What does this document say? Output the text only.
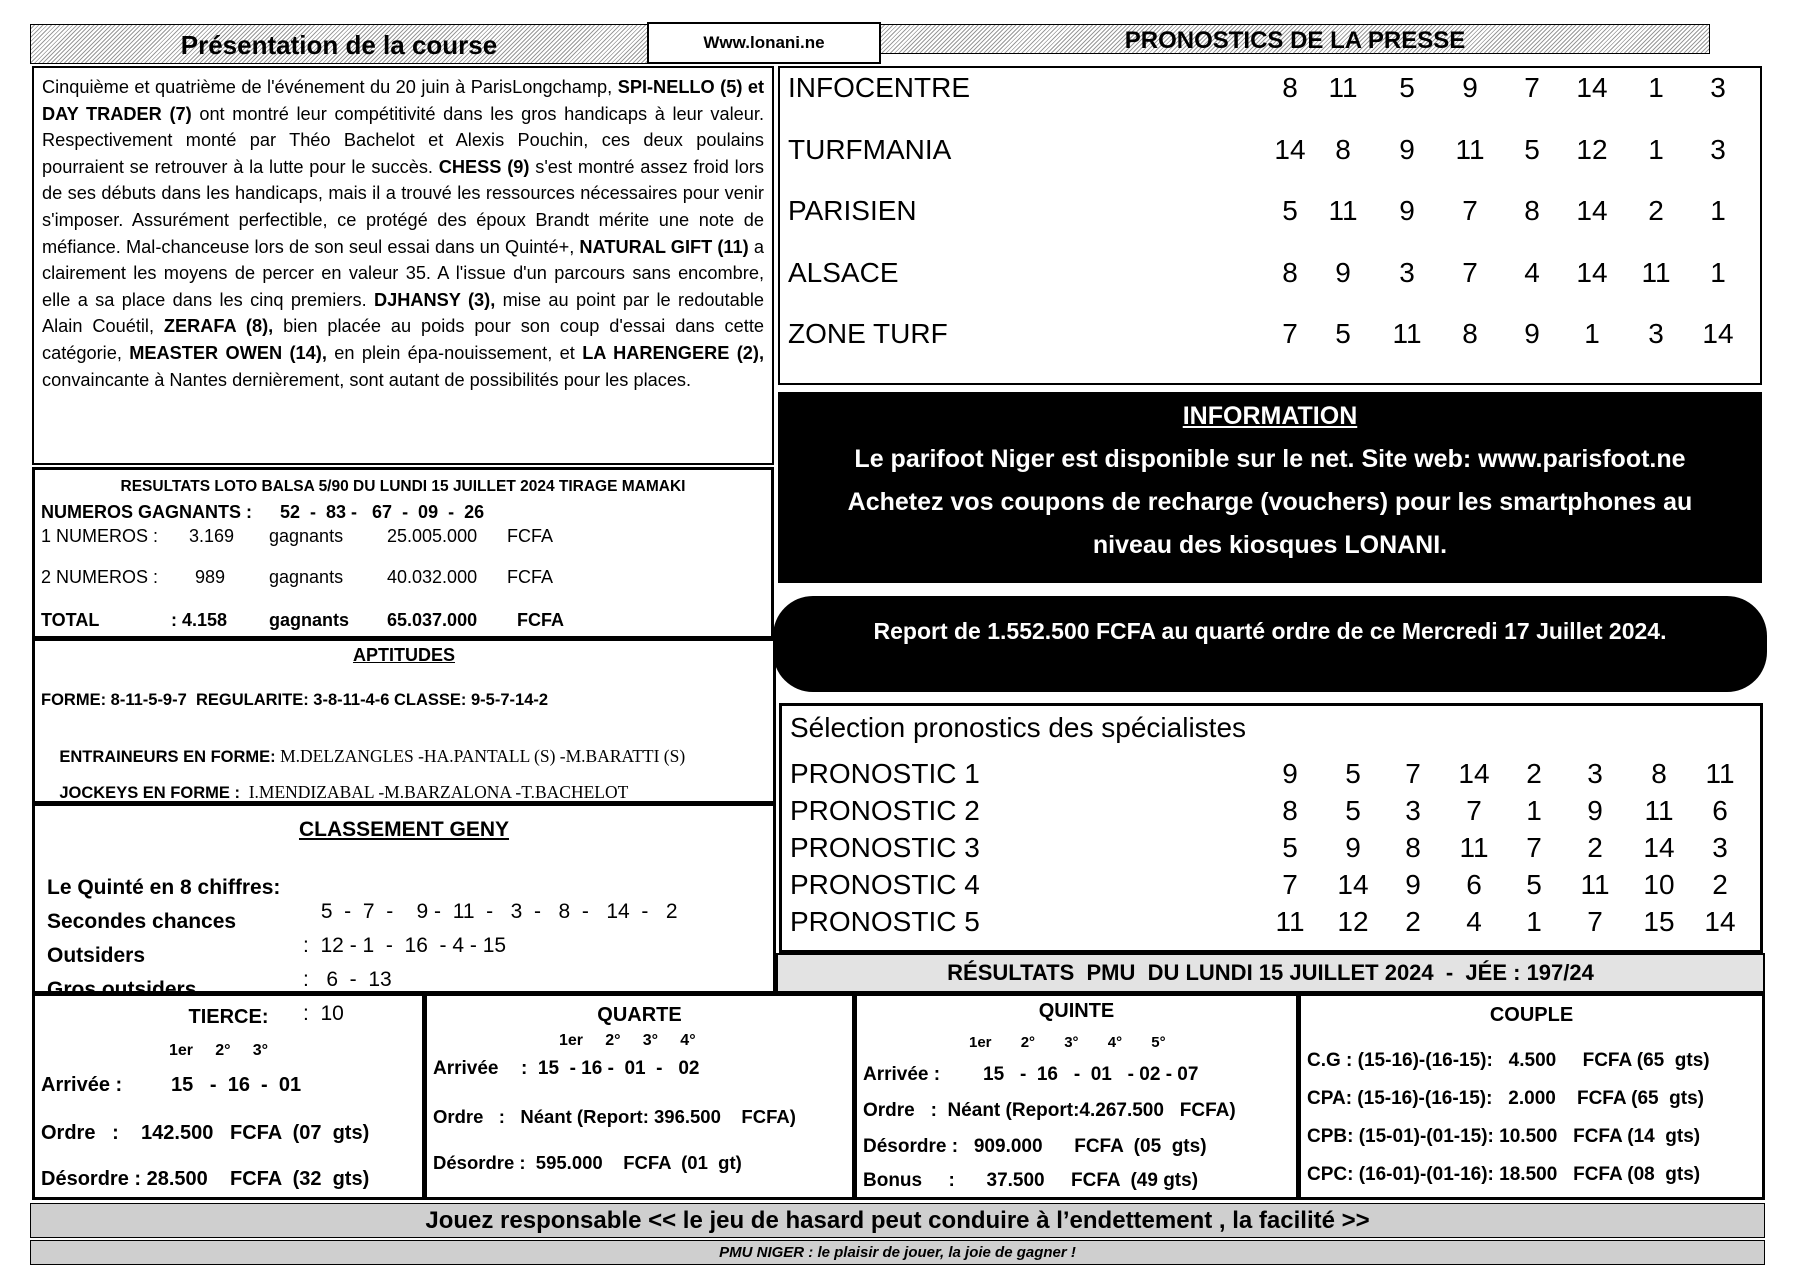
Présentation de la course	Www.lonani.ne	PRONOSTICS DE LA PRESSE

Cinquième et quatrième de l'événement du 20 juin à ParisLongchamp, SPI-NELLO (5) et DAY TRADER (7) ont montré leur compétitivité dans les gros handicaps à leur valeur. Respectivement monté par Théo Bachelot et Alexis Pouchin, ces deux poulains pourraient se retrouver à la lutte pour le succès. CHESS (9) s'est montré assez froid lors de ses débuts dans les handicaps, mais il a trouvé les ressources nécessaires pour venir s'imposer. Assurément perfectible, ce protégé des époux Brandt mérite une note de méfiance. Mal-chanceuse lors de son seul essai dans un Quinté+, NATURAL GIFT (11) a clairement les moyens de percer en valeur 35. A l'issue d'un parcours sans encombre, elle a sa place dans les cinq premiers. DJHANSY (3), mise au point par le redoutable Alain Couétil, ZERAFA (8), bien placée au poids pour son coup d'essai dans cette catégorie, MEASTER OWEN (14), en plein épa-nouissement, et LA HARENGERE (2), convaincante à Nantes dernièrement, sont autant de possibilités pour les places.

RESULTATS LOTO BALSA 5/90 DU LUNDI 15 JUILLET 2024 TIRAGE MAMAKI
NUMEROS GAGNANTS : 52  -  83 -   67  -  09  -  26
1 NUMEROS : 3.169 gagnants 25.005.000 FCFA
2 NUMEROS : 989 gagnants 40.032.000 FCFA
TOTAL	: 4.158 gagnants 65.037.000 FCFA
APTITUDES
FORME: 8-11-5-9-7  REGULARITE: 3-8-11-4-6 CLASSE: 9-5-7-14-2

ENTRAINEURS EN FORME: M.DELZANGLES -HA.PANTALL (S) -M.BARATTI (S)

JOCKEYS EN FORME :  I.MENDIZABAL -M.BARZALONA -T.BACHELOT

CLASSEMENT GENY

Le Quinté en 8 chiffres:

5  -  7  -    9 -  11  -   3  -   8  -   14  -   2

Secondes chances

:  12 - 1  -  16  - 4 - 15

Outsiders

:   6  -  13

Gros outsiders

:  10

INFOCENTRE	8	11	5	9	7	14	1	3
TURFMANIA	14	8	9	11	5	12	1	3
PARISIEN	5	11	9	7	8	14	2	1
ALSACE	8	9	3	7	4	14	11	1
ZONE TURF	7	5	11	8	9	1	3	14
INFORMATION
Le parifoot Niger est disponible sur le net. Site web: www.parisfoot.ne
Achetez vos coupons de recharge (vouchers) pour les smartphones au
niveau des kiosques LONANI.
Report de 1.552.500 FCFA au quarté ordre de ce Mercredi 17 Juillet 2024.
Sélection pronostics des spécialistes
PRONOSTIC 1	9	5	7	14	2	3	8	11
PRONOSTIC 2	8	5	3	7	1	9	11	6
PRONOSTIC 3	5	9	8	11	7	2	14	3
PRONOSTIC 4	7	14	9	6	5	11	10	2
PRONOSTIC 5	11	12	2	4	1	7	15	14
RÉSULTATS  PMU  DU LUNDI 15 JUILLET 2024  -  JÉE : 197/24
TIERCE:
1er     2°     3°
Arrivée : 15   -  16  -  01
Ordre   :    142.500   FCFA  (07  gts)
Désordre : 28.500    FCFA  (32  gts)
QUARTE
1er     2°     3°     4°
Arrivée :  15  - 16 -  01  -   02
Ordre   :   Néant (Report: 396.500    FCFA)
Désordre :  595.000    FCFA  (01  gt)
QUINTE
1er       2°       3°       4°       5°
Arrivée : 15   -  16   -  01   - 02 - 07
Ordre   :  Néant (Report:4.267.500   FCFA)
Désordre :   909.000      FCFA  (05  gts)
Bonus     :      37.500     FCFA  (49 gts)
COUPLE
C.G : (15-16)-(16-15):   4.500     FCFA (65  gts)
CPA: (15-16)-(16-15):   2.000    FCFA (65  gts)
CPB: (15-01)-(01-15): 10.500   FCFA (14  gts)
CPC: (16-01)-(01-16): 18.500   FCFA (08  gts)
Jouez responsable << le jeu de hasard peut conduire à l’endettement , la facilité >>
PMU NIGER : le plaisir de jouer, la joie de gagner !
